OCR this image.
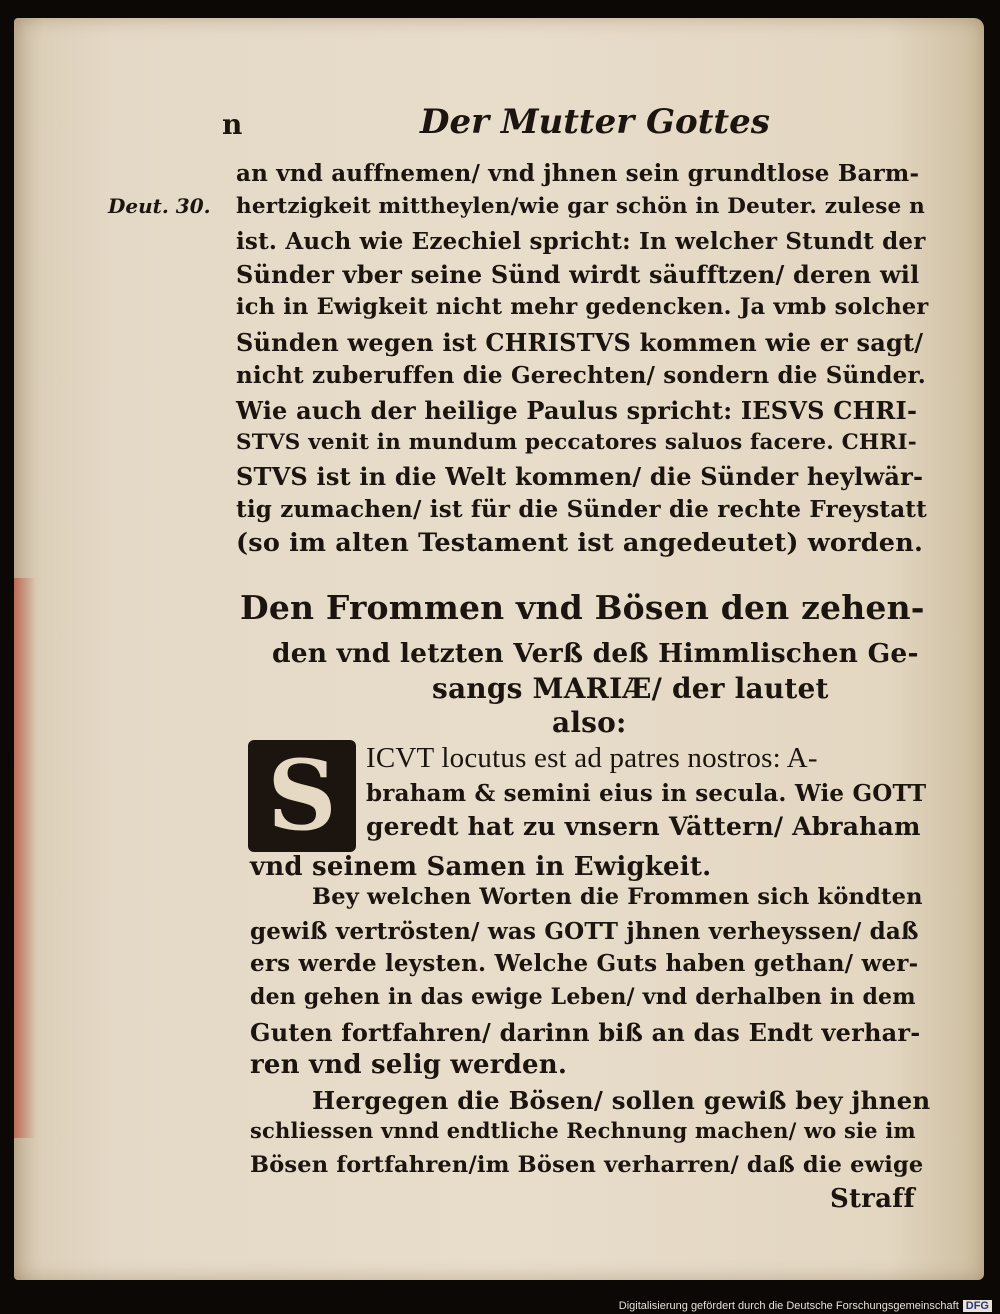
n	Der Mutter Gottes
Deut. 30.
an vnd auffnemen/ vnd jhnen sein grundtlose Barm-
hertzigkeit mittheylen/wie gar schön in Deuter. zulese n
ist. Auch wie Ezechiel spricht: In welcher Stundt der
Sünder vber seine Sünd wirdt säufftzen/ deren wil
ich in Ewigkeit nicht mehr gedencken. Ja vmb solcher
Sünden wegen ist CHRISTVS kommen wie er sagt/
nicht zuberuffen die Gerechten/ sondern die Sünder.
Wie auch der heilige Paulus spricht: IESVS CHRI-
STVS venit in mundum peccatores saluos facere. CHRI-
STVS ist in die Welt kommen/ die Sünder heylwär-
tig zumachen/ ist für die Sünder die rechte Freystatt
(so im alten Testament ist angedeutet) worden.
Den Frommen vnd Bösen den zehen-
den vnd letzten Verß deß Himmlischen Ge-
sangs MARIÆ/ der lautet
also:
S	ICVT locutus est ad patres nostros: A-
braham & semini eius in secula. Wie GOTT
geredt hat zu vnsern Vättern/ Abraham
vnd seinem Samen in Ewigkeit.
Bey welchen Worten die Frommen sich köndten
gewiß vertrösten/ was GOTT jhnen verheyssen/ daß
ers werde leysten. Welche Guts haben gethan/ wer-
den gehen in das ewige Leben/ vnd derhalben in dem
Guten fortfahren/ darinn biß an das Endt verhar-
ren vnd selig werden.
Hergegen die Bösen/ sollen gewiß bey jhnen
schliessen vnnd endtliche Rechnung machen/ wo sie im
Bösen fortfahren/im Bösen verharren/ daß die ewige
Straff
Digitalisierung gefördert durch die Deutsche Forschungsgemeinschaft DFG
